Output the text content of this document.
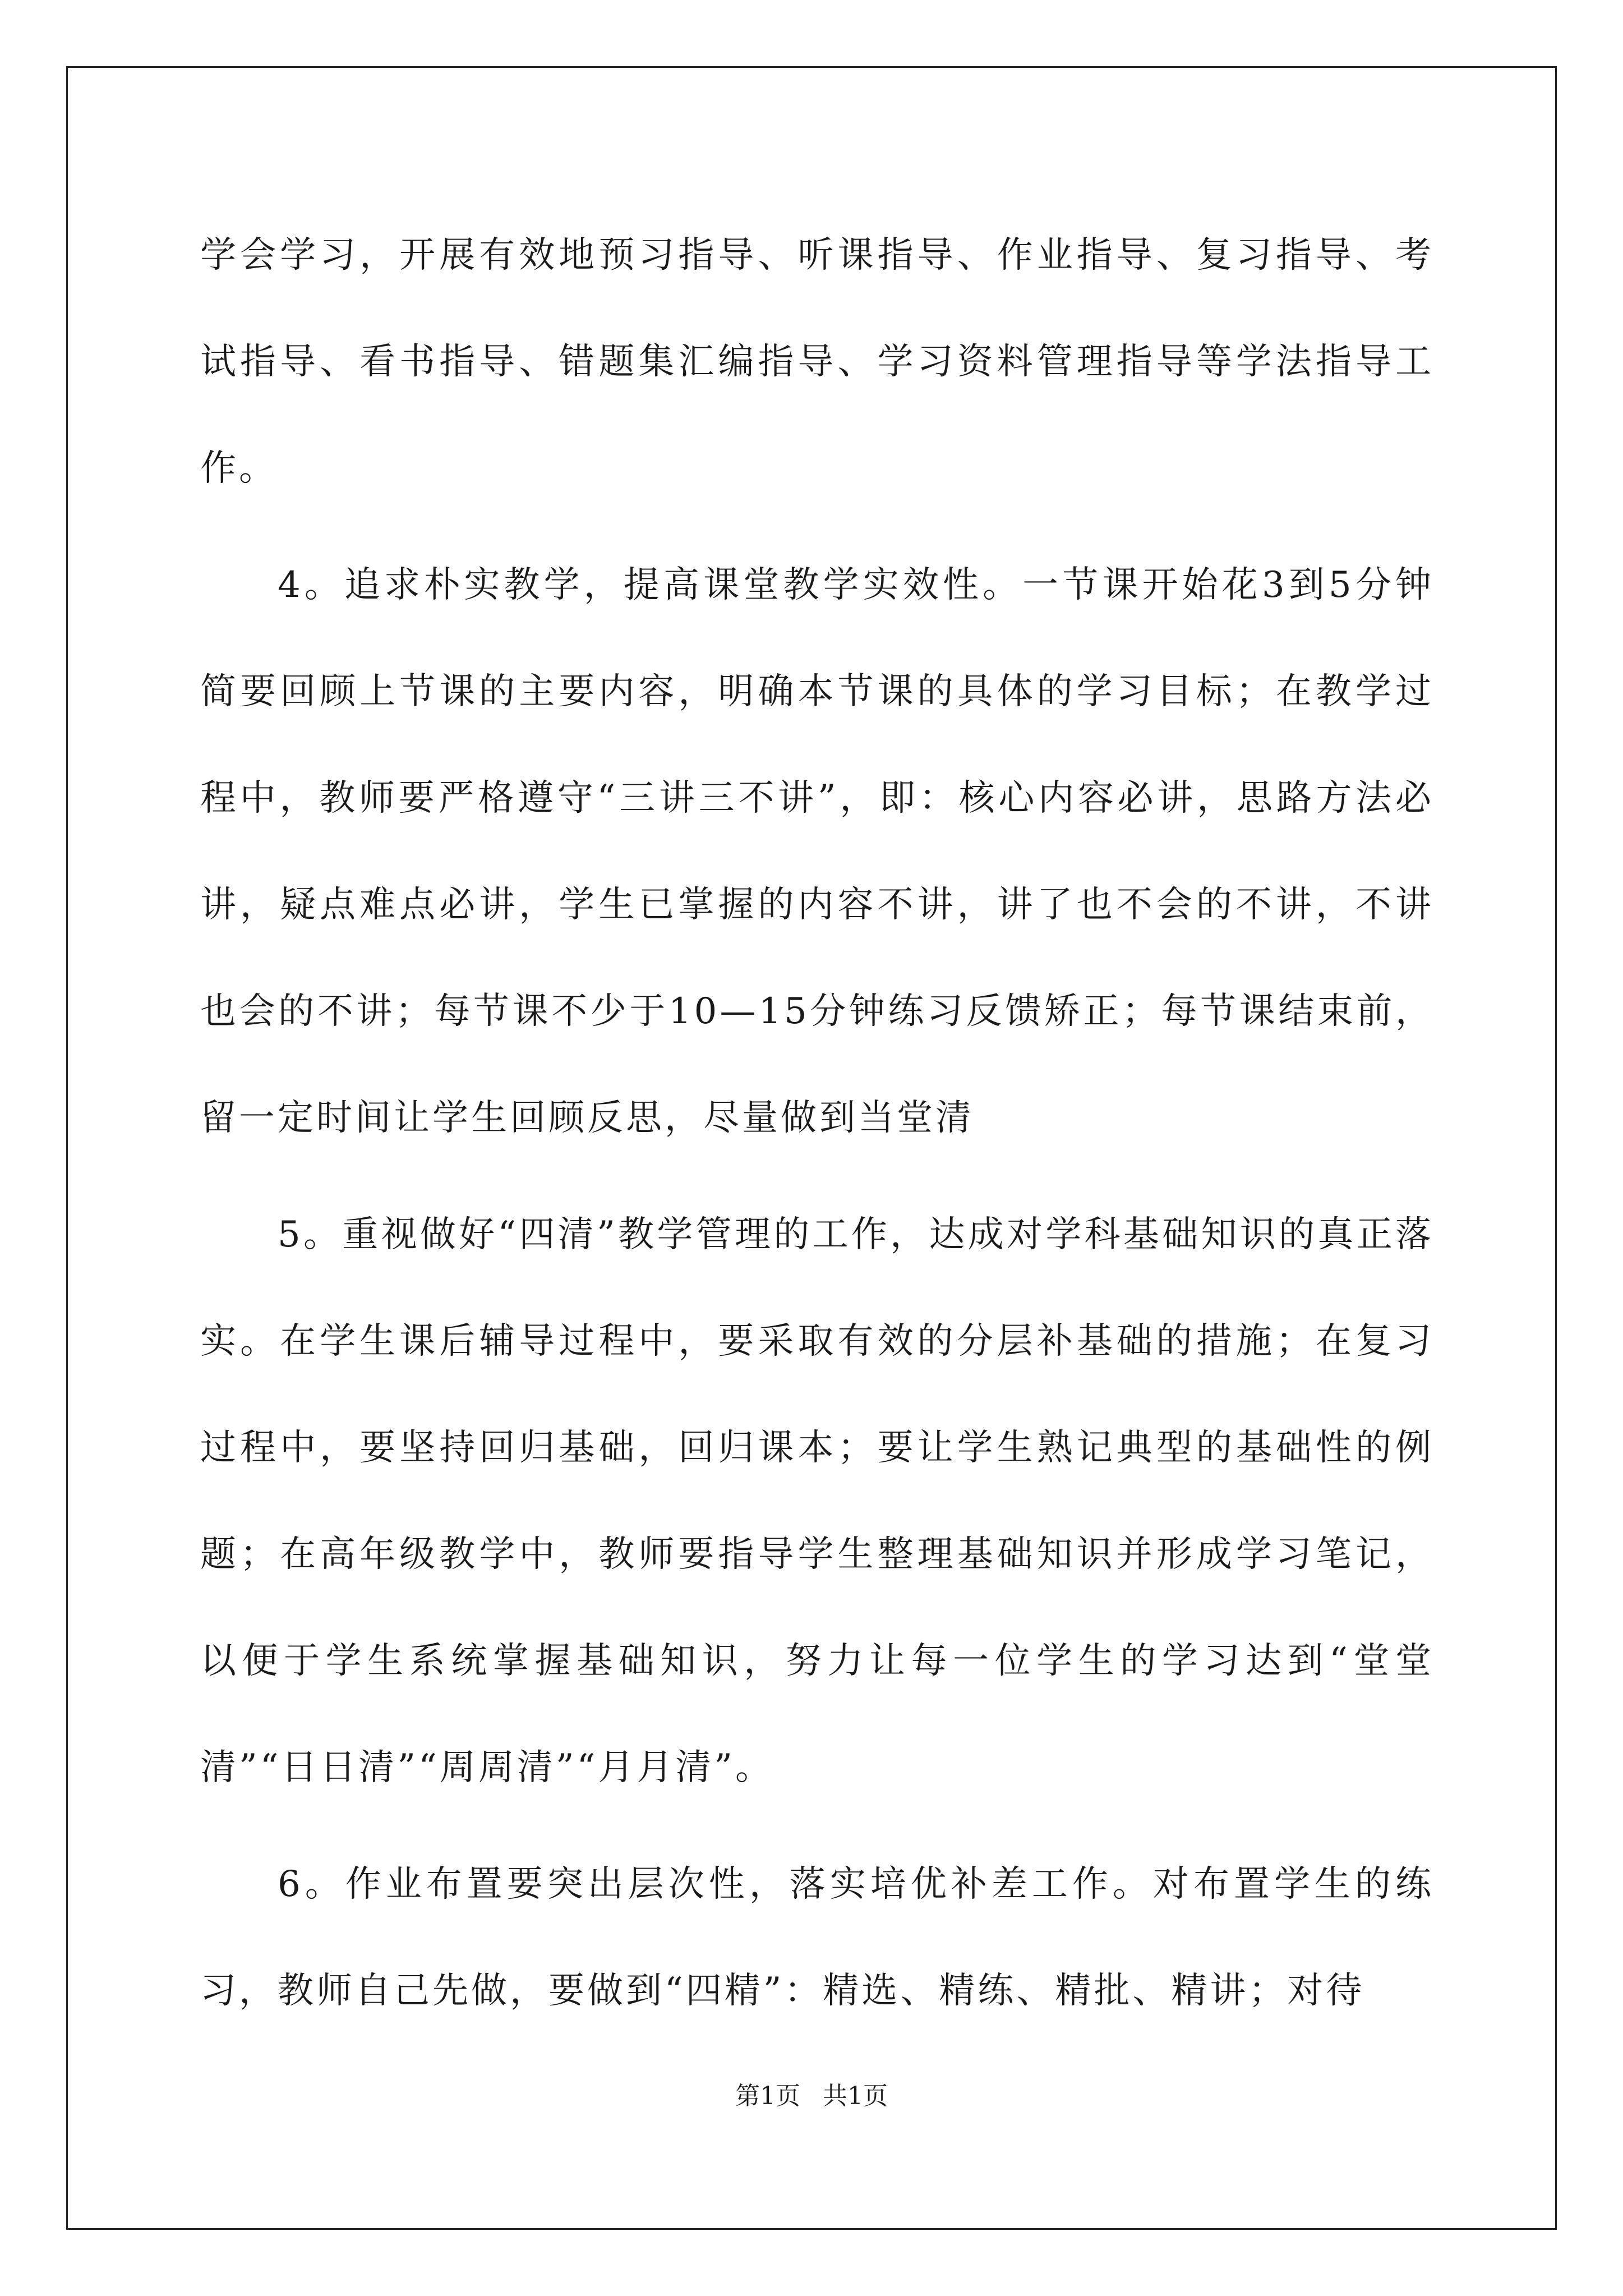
学会学习，开展有效地预习指导、听课指导、作业指导、复习指导、考试指导、看书指导、错题集汇编指导、学习资料管理指导等学法指导工作。

4。追求朴实教学，提高课堂教学实效性。一节课开始花3到5分钟简要回顾上节课的主要内容，明确本节课的具体的学习目标；在教学过程中，教师要严格遵守“三讲三不讲”，即：核心内容必讲，思路方法必讲，疑点难点必讲，学生已掌握的内容不讲，讲了也不会的不讲，不讲也会的不讲；每节课不少于10—15分钟练习反馈矫正；每节课结束前，留一定时间让学生回顾反思，尽量做到当堂清

5。重视做好“四清”教学管理的工作，达成对学科基础知识的真正落实。在学生课后辅导过程中，要采取有效的分层补基础的措施；在复习过程中，要坚持回归基础，回归课本；要让学生熟记典型的基础性的例题；在高年级教学中，教师要指导学生整理基础知识并形成学习笔记，以便于学生系统掌握基础知识，努力让每一位学生的学习达到“堂堂清”“日日清”“周周清”“月月清”。

6。作业布置要突出层次性，落实培优补差工作。对布置学生的练习，教师自己先做，要做到“四精”：精选、精练、精批、精讲；对待

第1页 共1页
